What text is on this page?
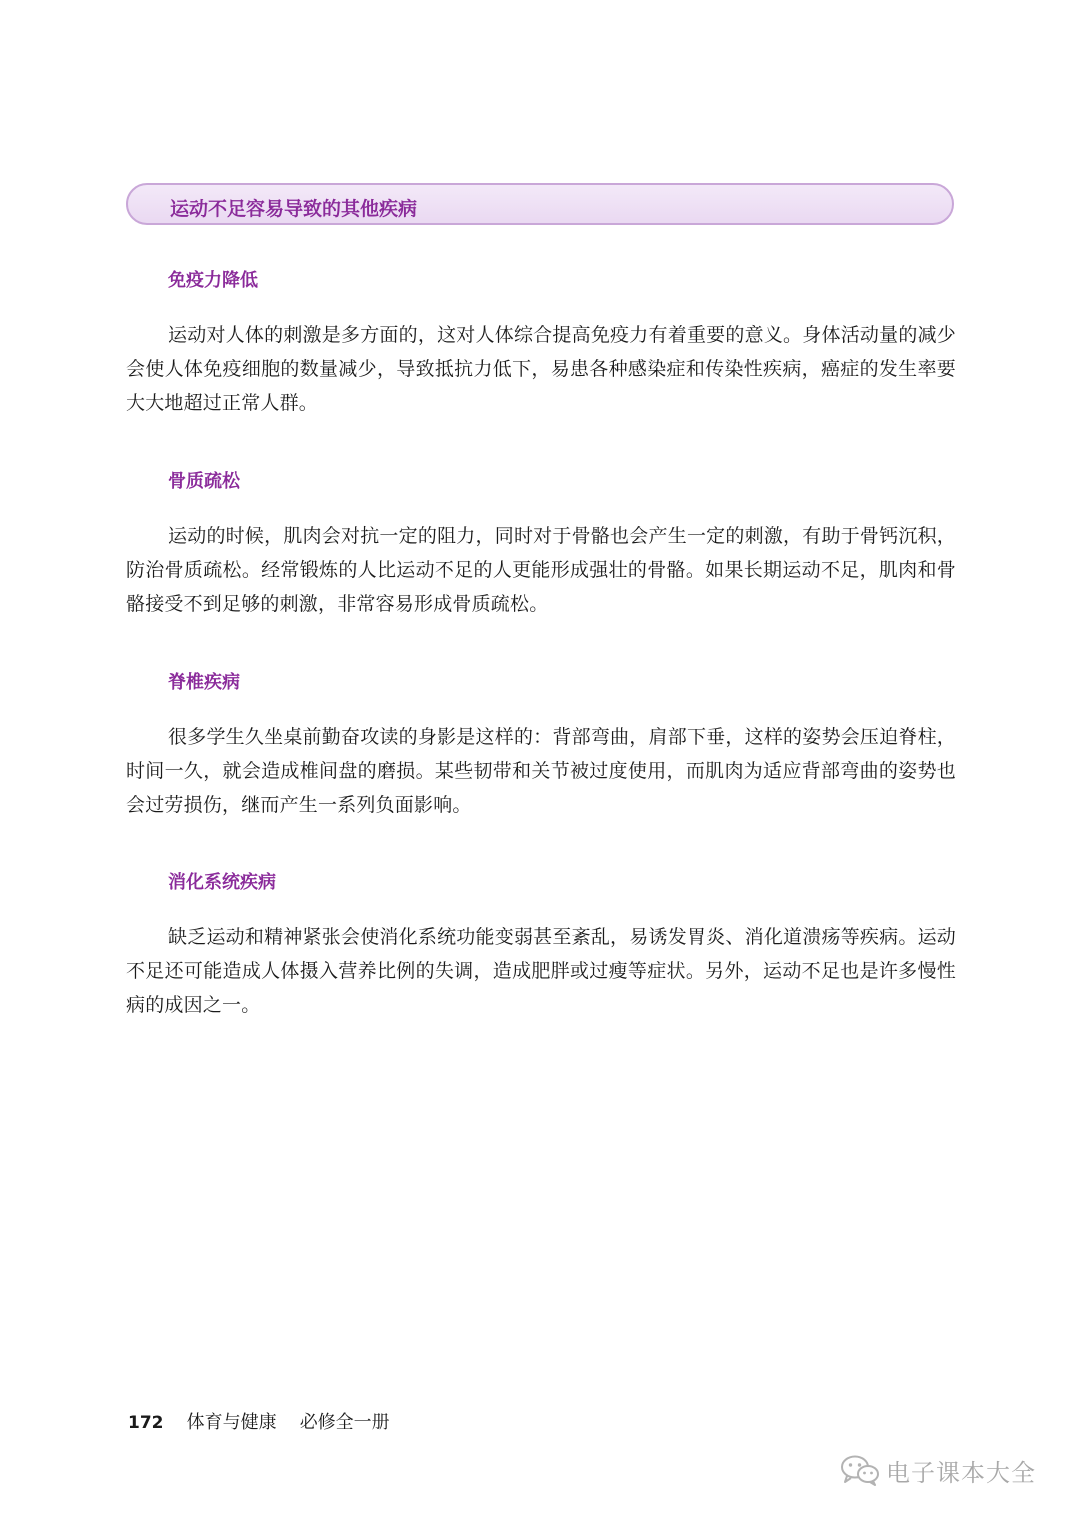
运动不足容易导致的其他疾病
免疫力降低

运动对人体的刺激是多方面的，这对人体综合提高免疫力有着重要的意义。身体活动量的减少会使人体免疫细胞的数量减少，导致抵抗力低下，易患各种感染症和传染性疾病，癌症的发生率要大大地超过正常人群。

骨质疏松

运动的时候，肌肉会对抗一定的阻力，同时对于骨骼也会产生一定的刺激，有助于骨钙沉积，防治骨质疏松。经常锻炼的人比运动不足的人更能形成强壮的骨骼。如果长期运动不足，肌肉和骨骼接受不到足够的刺激，非常容易形成骨质疏松。

脊椎疾病

很多学生久坐桌前勤奋攻读的身影是这样的：背部弯曲，肩部下垂，这样的姿势会压迫脊柱，时间一久，就会造成椎间盘的磨损。某些韧带和关节被过度使用，而肌肉为适应背部弯曲的姿势也会过劳损伤，继而产生一系列负面影响。

消化系统疾病

缺乏运动和精神紧张会使消化系统功能变弱甚至紊乱，易诱发胃炎、消化道溃疡等疾病。运动不足还可能造成人体摄入营养比例的失调，造成肥胖或过瘦等症状。另外，运动不足也是许多慢性病的成因之一。

172 体育与健康 必修全一册
电子课本大全
